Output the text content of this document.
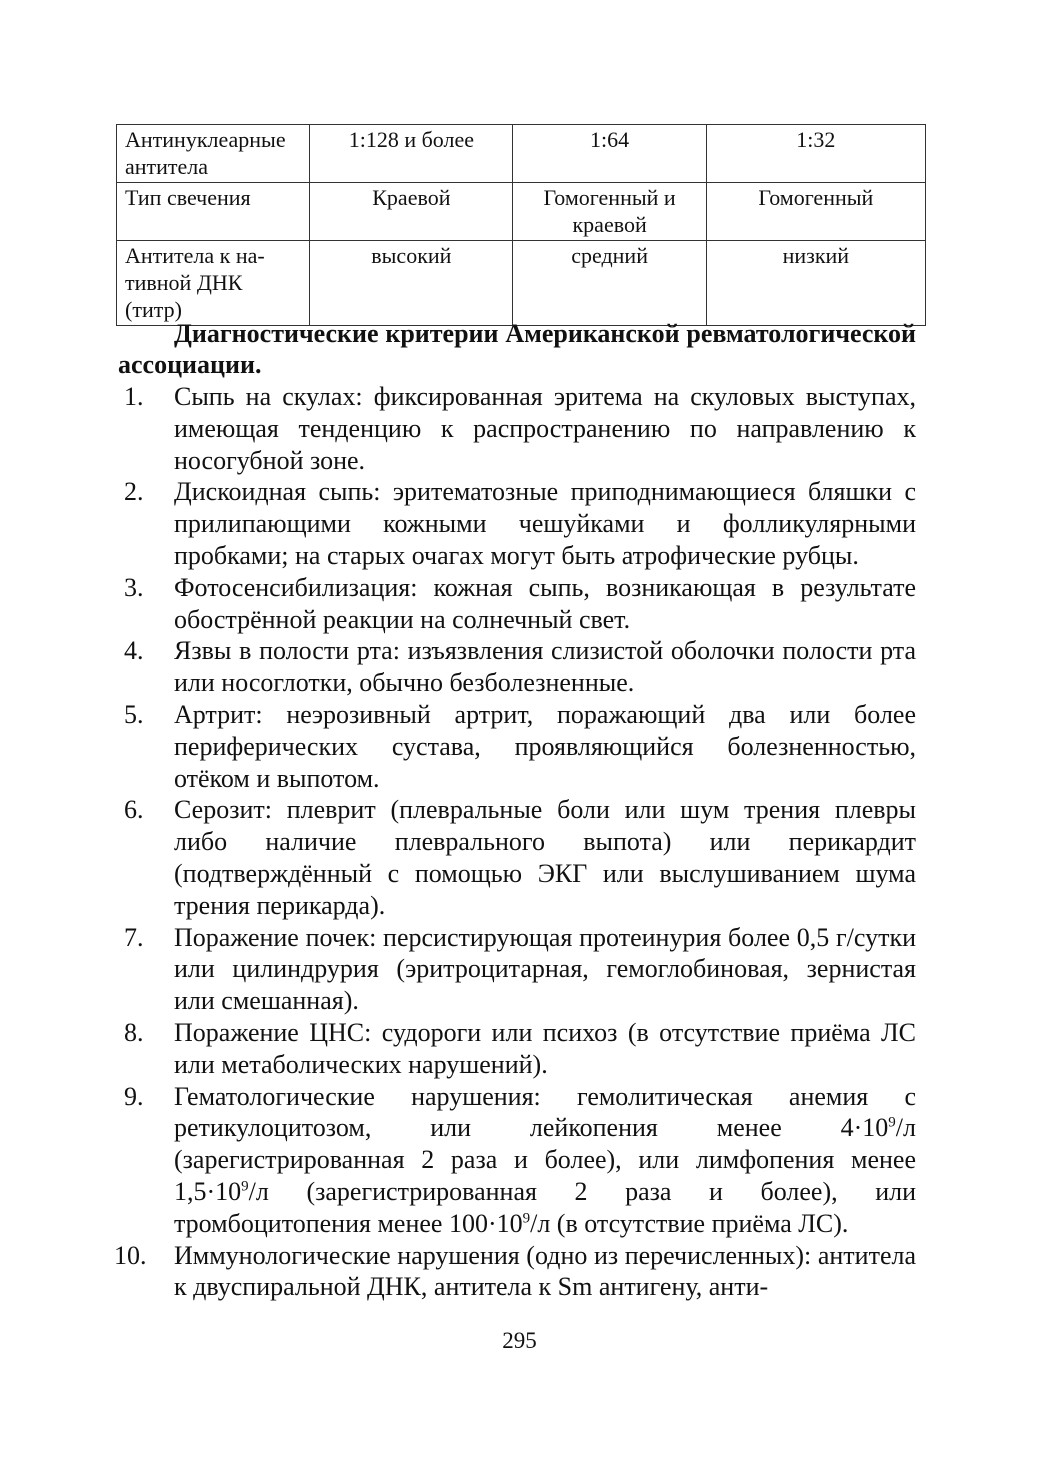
Антинуклеарные антитела	1:128 и более	1:64	1:32
Тип свечения	Краевой	Гомогенный и краевой	Гомогенный

Антитела к на-
тивной ДНК
(титр)	высокий	средний	низкий

Диагностические критерии Американской ревматологической ассоциации.

1. Сыпь на скулах: фиксированная эритема на скуловых выступах, имеющая тенденцию к распространению по направлению к носогубной зоне.
2. Дискоидная сыпь: эритематозные приподнимающиеся бляшки с прилипающими кожными чешуйками и фолликулярными пробками; на старых очагах могут быть атрофические рубцы.
3. Фотосенсибилизация: кожная сыпь, возникающая в результате обострённой реакции на солнечный свет.
4. Язвы в полости рта: изъязвления слизистой оболочки полости рта или носоглотки, обычно безболезненные.
5. Артрит: неэрозивный артрит, поражающий два или более периферических сустава, проявляющийся болезненностью, отёком и выпотом.
6. Серозит: плеврит (плевральные боли или шум трения плевры либо наличие плеврального выпота) или перикардит (подтверждённый с помощью ЭКГ или выслушиванием шума трения перикарда).
7. Поражение почек: персистирующая протеинурия более 0,5 г/сутки или цилиндрурия (эритроцитарная, гемоглобиновая, зернистая или смешанная).
8. Поражение ЦНС: судороги или психоз (в отсутствие приёма ЛС или метаболических нарушений).
9. Гематологические нарушения: гемолитическая анемия с ретикулоцитозом, или лейкопения менее $4\cdot 10^9/л$ (зарегистрированная 2 раза и более), или лимфопения менее $1,5\cdot 10^9/л$ (зарегистрированная 2 раза и более), или тромбоцитопения менее $100\cdot 10^9/л$ (в отсутствие приёма ЛС).
10. Иммунологические нарушения (одно из перечисленных): антитела к двуспиральной ДНК, антитела к Sm антигену, анти-
295
